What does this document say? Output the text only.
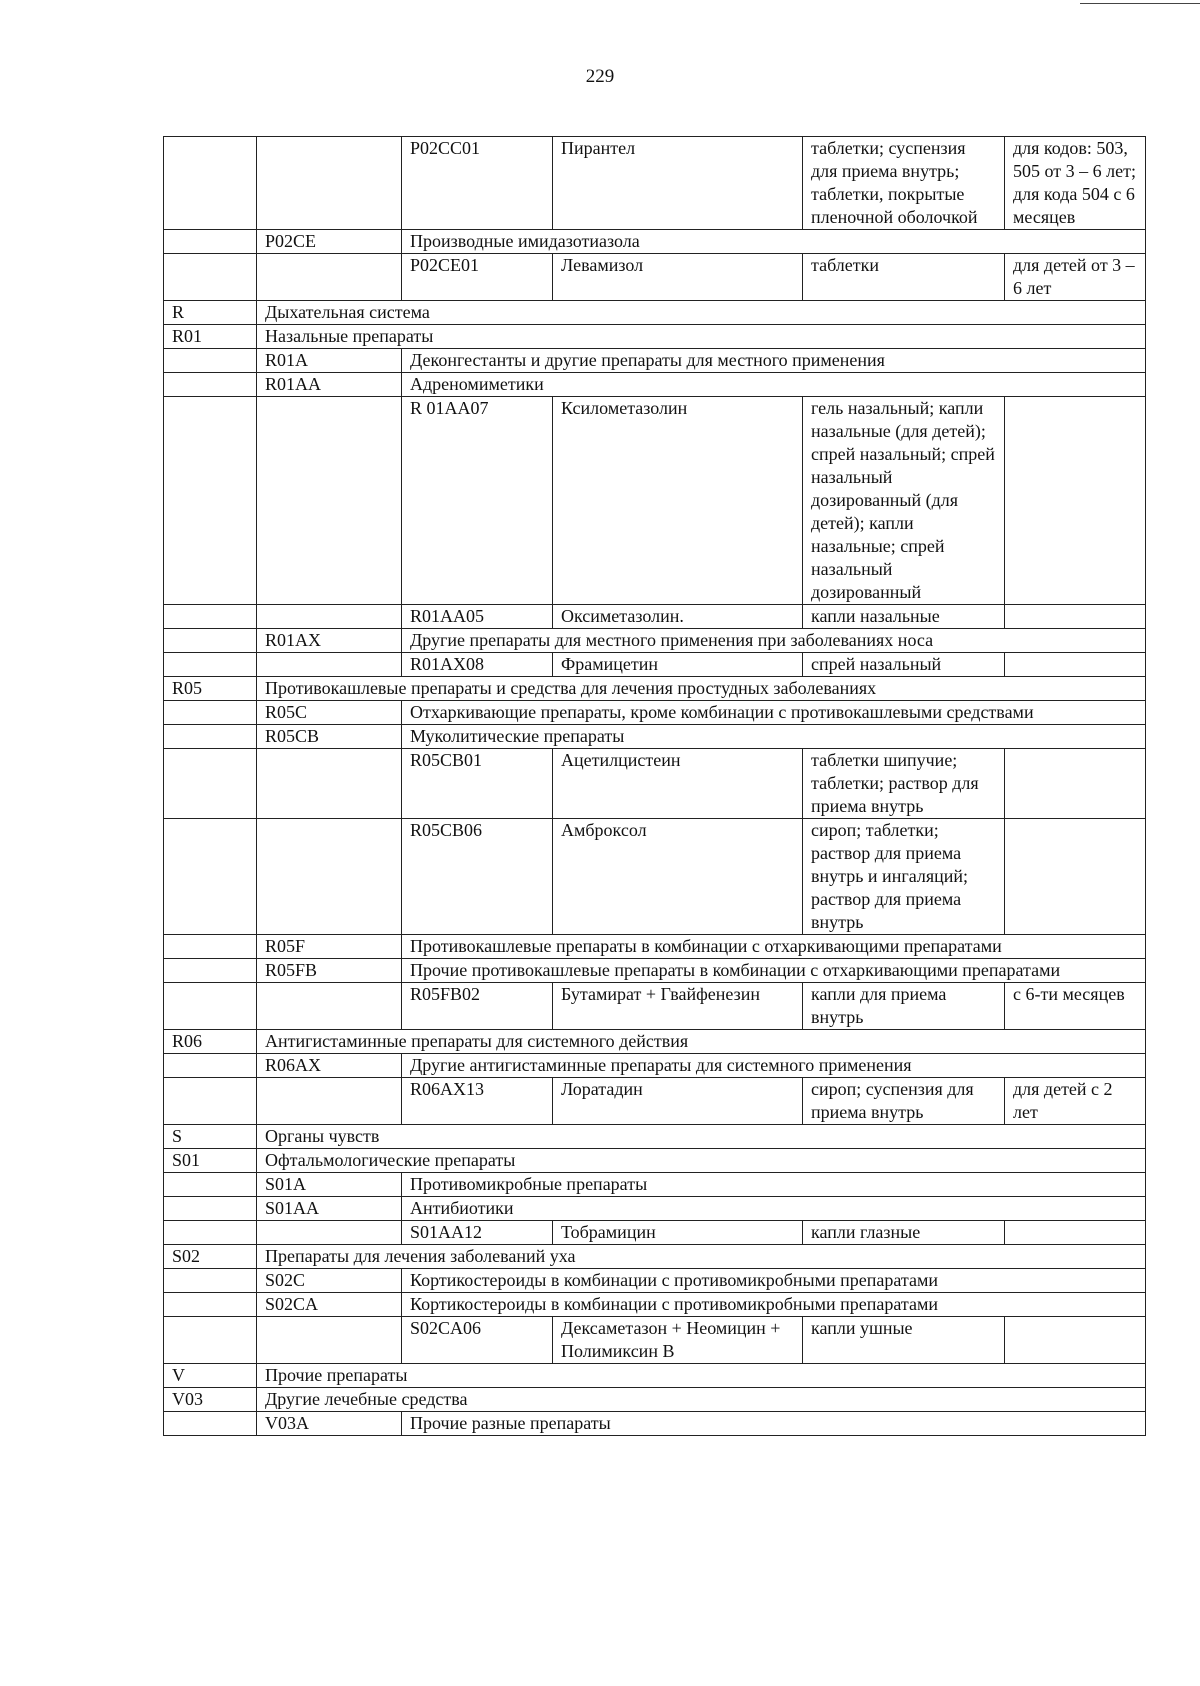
229
		P02CC01	Пирантел	таблетки; суспензия для приема внутрь; таблетки, покрытые пленочной оболочкой	для кодов: 503, 505 от 3 – 6 лет; для кода 504 с 6 месяцев
	P02CE	Производные имидазотиазола			
		P02CE01	Левамизол	таблетки	для детей от 3 – 6 лет
R	Дыхательная система				
R01	Назальные препараты				
	R01A	Деконгестанты и другие препараты для местного применения			
	R01AA	Адреномиметики			
		R 01AA07	Ксилометазолин	гель назальный; капли назальные (для детей); спрей назальный; спрей назальный дозированный (для детей); капли назальные; спрей назальный дозированный	
		R01AA05	Оксиметазолин.	капли назальные	
	R01AX	Другие препараты для местного применения при заболеваниях носа			
		R01AX08	Фрамицетин	спрей назальный	
R05	Противокашлевые препараты и средства для лечения простудных заболеваниях				
	R05C	Отхаркивающие препараты, кроме комбинации с противокашлевыми средствами			
	R05CB	Муколитические препараты			
		R05CB01	Ацетилцистеин	таблетки шипучие; таблетки; раствор для приема внутрь	
		R05CB06	Амброксол	сироп; таблетки; раствор для приема внутрь и ингаляций; раствор для приема внутрь	
	R05F	Противокашлевые препараты в комбинации с отхаркивающими препаратами			
	R05FB	Прочие противокашлевые препараты в комбинации с отхаркивающими препаратами			
		R05FB02	Бутамират + Гвайфенезин	капли для приема внутрь	с 6-ти месяцев
R06	Антигистаминные препараты для системного действия				
	R06AX	Другие антигистаминные препараты для системного применения			
		R06AX13	Лоратадин	сироп; суспензия для приема внутрь	для детей с 2 лет
S	Органы чувств				
S01	Офтальмологические препараты				
	S01A	Противомикробные препараты			
	S01AA	Антибиотики			
		S01AA12	Тобрамицин	капли глазные	
S02	Препараты для лечения заболеваний уха				
	S02C	Кортикостероиды в комбинации с противомикробными препаратами			
	S02CA	Кортикостероиды в комбинации с противомикробными препаратами			
		S02CA06	Дексаметазон + Неомицин + Полимиксин В	капли ушные	
V	Прочие препараты				
V03	Другие лечебные средства				
	V03A	Прочие разные препараты			
